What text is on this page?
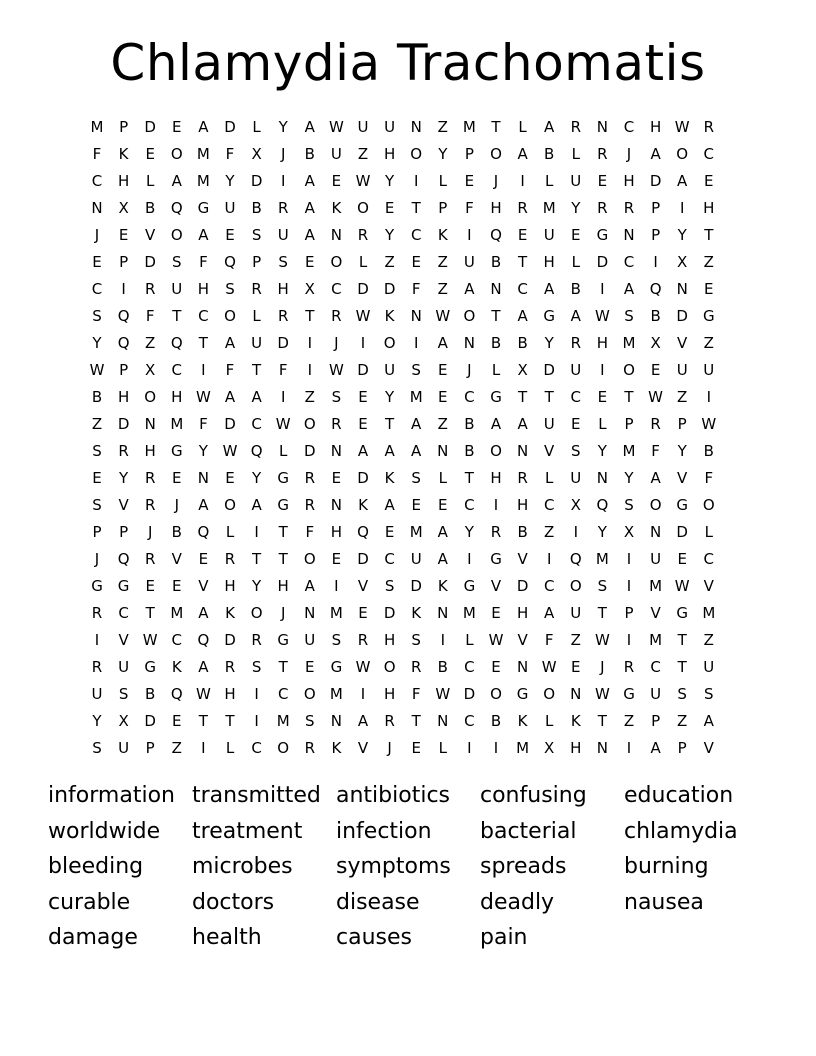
Chlamydia Trachomatis
M	P	D	E	A	D	L	Y	A W U	U	N	Z M	T	L	A	R	N	C	H W R
F	K	E	O M	F	X	J	B	U	Z	H	O	Y	P	O	A	B	L	R	J	A	O	C
C	H	L	A M	Y	D	I	A	E W Y	I	L	E	J	I	L	U	E	H	D	A	E
N	X	B	Q G	U	B	R	A	K	O	E	T	P	F	H	R M	Y	R	R	P	I	H
J	E	V	O	A	E	S	U	A	N	R	Y	C	K	I	Q	E	U	E	G	N	P	Y	T
E	P	D	S	F	Q	P	S	E	O	L	Z	E	Z	U	B	T	H	L	D	C	I	X	Z
C	I	R	U	H	S	R	H	X	C	D	D	F	Z	A	N	C	A	B	I	A	Q	N	E
S	Q	F	T	C	O	L	R	T	R W K	N W O	T	A	G	A W S	B	D	G
Y	Q	Z	Q	T	A	U	D	I	J	I	O	I	A	N	B	B	Y	R	H M X	V	Z
W P	X	C	I	F	T	F	I	W D	U	S	E	J	L	X	D	U	I	O	E	U	U
B	H	O	H W A	A	I	Z	S	E	Y	M	E	C	G	T	T	C	E	T W Z	I
Z	D	N M	F	D	C W O	R	E	T	A	Z	B	A	A	U	E	L	P	R	P W
S	R	H	G	Y W Q	L	D	N	A	A	A	N	B	O	N	V	S	Y	M	F	Y	B
E	Y	R	E	N	E	Y	G	R	E	D	K	S	L	T	H	R	L	U	N	Y	A	V	F
S	V	R	J	A	O	A	G	R	N	K	A	E	E	C	I	H	C	X	Q	S	O G O
P	P	J	B	Q	L	I	T	F	H	Q	E	M	A	Y	R	B	Z	I	Y	X	N	D	L
J	Q	R	V	E	R	T	T	O	E	D	C	U	A	I	G	V	I	Q M	I	U	E	C
G G	E	E	V	H	Y	H	A	I	V	S	D	K	G	V	D	C	O	S	I	M W V
R	C	T	M A	K	O	J	N M	E	D	K	N M	E	H	A	U	T	P	V	G M
I	V W C	Q D	R	G	U	S	R	H	S	I	L	W V	F	Z W	I	M	T	Z
R	U	G	K	A	R	S	T	E	G W O	R	B	C	E	N W E	J	R	C	T	U
U	S	B	Q W H	I	C	O M	I	H	F W D O G O	N W G	U	S	S
Y	X	D	E	T	T	I	M	S	N	A	R	T	N	C	B	K	L	K	T	Z	P	Z	A
S	U	P	Z	I	L	C	O	R	K	V	J	E	L	I	I	M X	H	N	I	A	P	V
information transmitted antibiotics confusing education
worldwide treatment infection bacterial chlamydia
bleeding microbes symptoms spreads	burning
curable	doctors	disease	deadly	nausea
damage health	causes	pain
